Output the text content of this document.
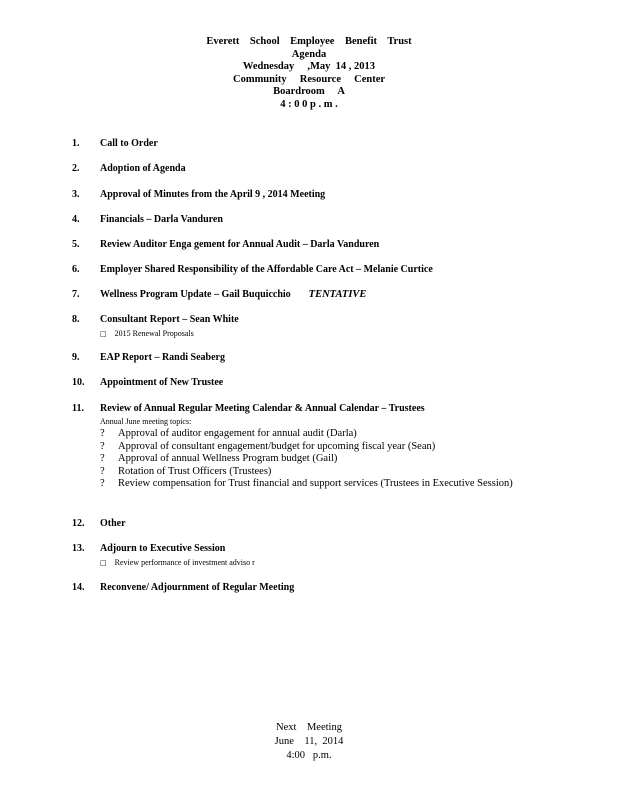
Everett    School    Employee    Benefit    Trust
Agenda
Wednesday     ,May  14 , 2013
Community     Resource     Center
Boardroom     A
4 : 0 0 p . m .
1. Call to Order
2. Adoption of Agenda
3. Approval of Minutes from the April 9 , 2014 Meeting
4. Financials – Darla Vanduren
5. Review Auditor Enga gement for Annual Audit – Darla Vanduren
6. Employer Shared Responsibility of the Affordable Care Act – Melanie Curtice
7. Wellness Program Update – Gail Buquicchio TENTATIVE
8. Consultant Report – Sean White
□ 2015 Renewal Proposals
9. EAP Report – Randi Seaberg
10. Appointment of New Trustee
11. Review of Annual Regular Meeting Calendar & Annual Calendar – Trustees
Annual June meeting topics:
? Approval of auditor engagement for annual audit (Darla)
? Approval of consultant engagement/budget for upcoming fiscal year (Sean)
? Approval of annual Wellness Program budget (Gail)
? Rotation of Trust Officers (Trustees)
? Review compensation for Trust financial and support services (Trustees in Executive Session)
12. Other
13. Adjourn to Executive Session
□ Review performance of investment adviso r
14. Reconvene/ Adjournment of Regular Meeting
Next    Meeting
June    11,  2014
4:00   p.m.
